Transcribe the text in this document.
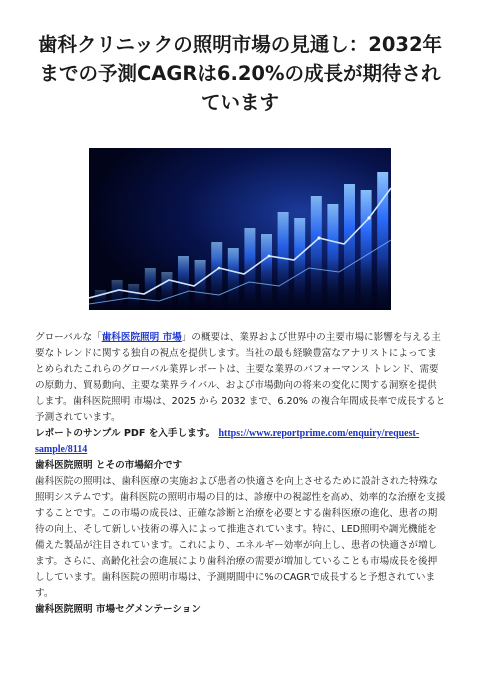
歯科クリニックの照明市場の見通し：2032年までの予測CAGRは6.20%の成長が期待されています

グローバルな「歯科医院照明 市場」の概要は、業界および世界中の主要市場に影響を与える主要なトレンドに関する独自の視点を提供します。当社の最も経験豊富なアナリストによってまとめられたこれらのグローバル業界レポートは、主要な業界のパフォーマンス トレンド、需要の原動力、貿易動向、主要な業界ライバル、および市場動向の将来の変化に関する洞察を提供します。歯科医院照明 市場は、2025 から 2032 まで、6.20% の複合年間成長率で成長すると予測されています。

レポートのサンプル PDF を入手します。 https://www.reportprime.com/enquiry/request-sample/8114

歯科医院照明 とその市場紹介です

歯科医院の照明は、歯科医療の実施および患者の快適さを向上させるために設計された特殊な照明システムです。歯科医院の照明市場の目的は、診療中の視認性を高め、効率的な治療を支援することです。この市場の成長は、正確な診断と治療を必要とする歯科医療の進化、患者の期待の向上、そして新しい技術の導入によって推進されています。特に、LED照明や調光機能を備えた製品が注目されています。これにより、エネルギー効率が向上し、患者の快適さが増します。さらに、高齢化社会の進展により歯科治療の需要が増加していることも市場成長を後押ししています。歯科医院の照明市場は、予測期間中に%のCAGRで成長すると予想されています。

歯科医院照明 市場セグメンテーション
